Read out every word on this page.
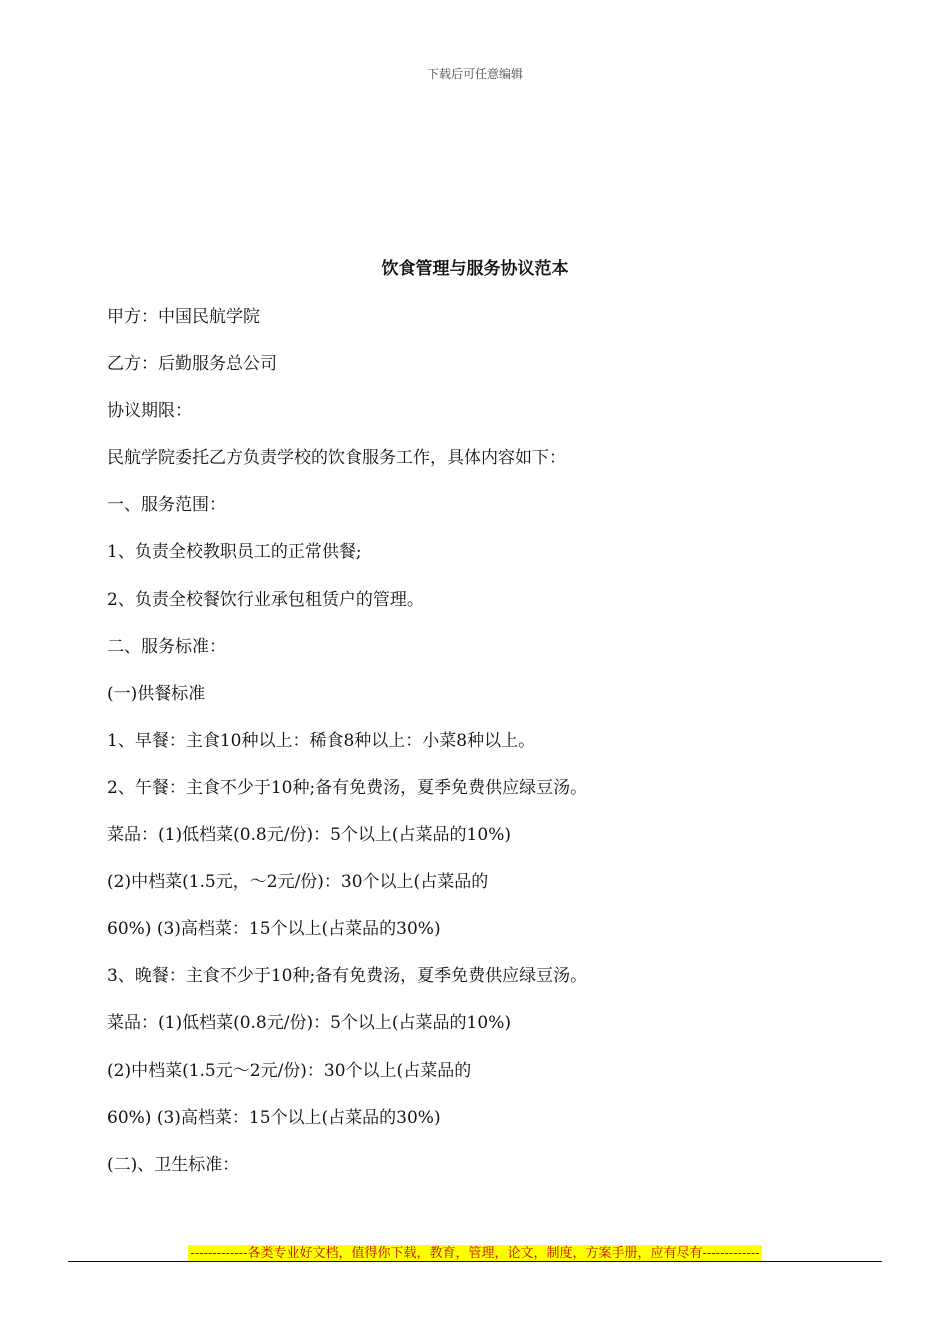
下载后可任意编辑
饮食管理与服务协议范本
甲方：中国民航学院
乙方：后勤服务总公司
协议期限：
民航学院委托乙方负责学校的饮食服务工作，具体内容如下：
一、服务范围：
1、负责全校教职员工的正常供餐;
2、负责全校餐饮行业承包租赁户的管理。
二、服务标准：
(一)供餐标准
1、早餐：主食10种以上：稀食8种以上：小菜8种以上。
2、午餐：主食不少于10种;备有免费汤，夏季免费供应绿豆汤。
菜品：(1)低档菜(0.8元/份)：5个以上(占菜品的10%)
(2)中档菜(1.5元，～2元/份)：30个以上(占菜品的
60%) (3)高档菜：15个以上(占菜品的30%)
3、晚餐：主食不少于10种;备有免费汤，夏季免费供应绿豆汤。
菜品：(1)低档菜(0.8元/份)：5个以上(占菜品的10%)
(2)中档菜(1.5元～2元/份)：30个以上(占菜品的
60%) (3)高档菜：15个以上(占菜品的30%)
(二)、卫生标准：
-------------各类专业好文档，值得你下载，教育，管理，论文，制度，方案手册，应有尽有-------------
